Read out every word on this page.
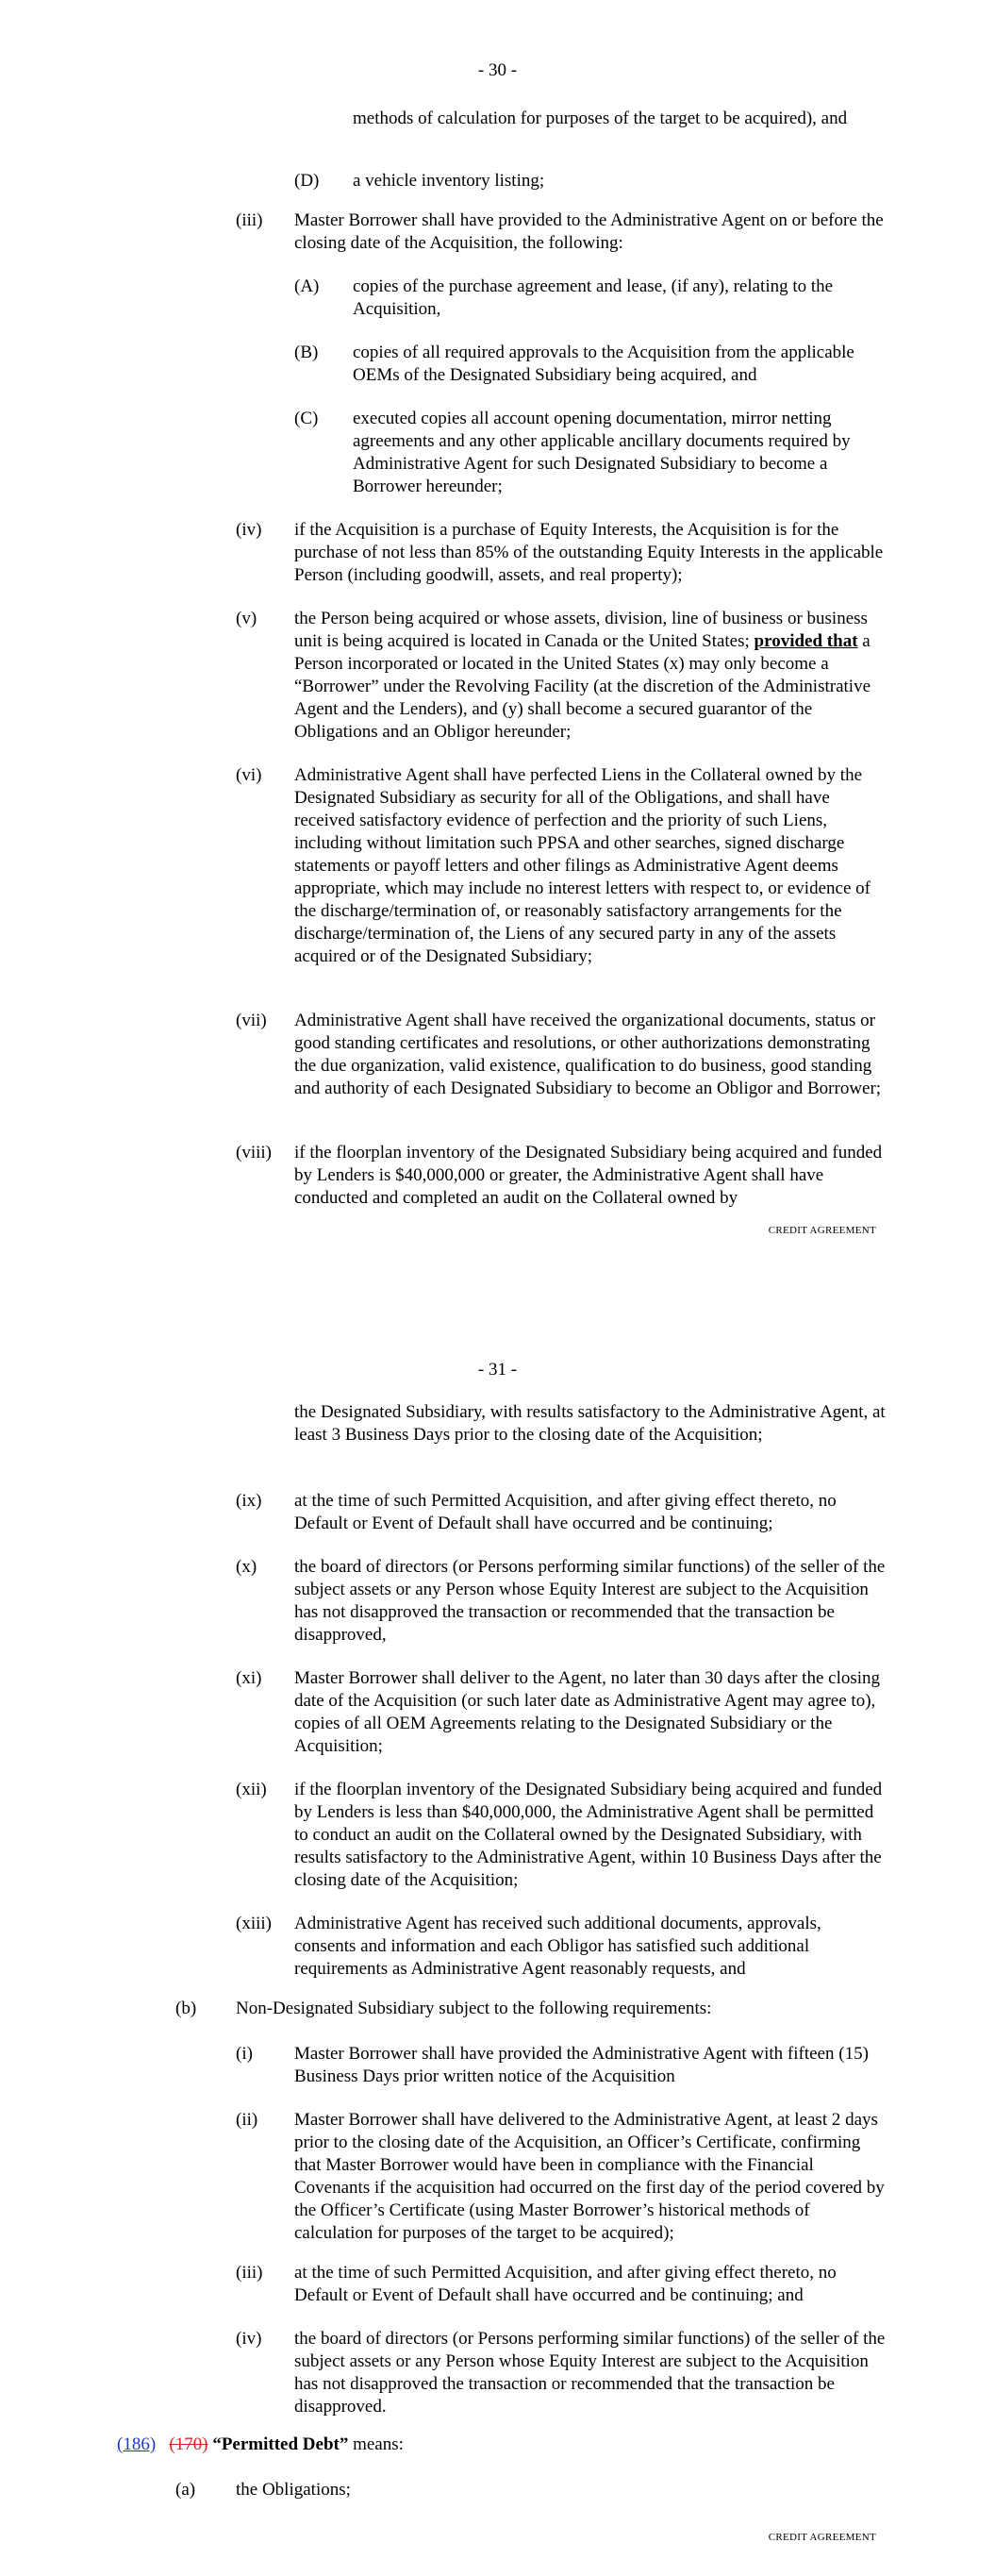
- 30 -
methods of calculation for purposes of the target to be acquired), and
(D) a vehicle inventory listing;
(iii) Master Borrower shall have provided to the Administrative Agent on or before the closing date of the Acquisition, the following:
(A) copies of the purchase agreement and lease, (if any), relating to the Acquisition,
(B) copies of all required approvals to the Acquisition from the applicable OEMs of the Designated Subsidiary being acquired, and
(C) executed copies all account opening documentation, mirror netting agreements and any other applicable ancillary documents required by Administrative Agent for such Designated Subsidiary to become a Borrower hereunder;
(iv) if the Acquisition is a purchase of Equity Interests, the Acquisition is for the purchase of not less than 85% of the outstanding Equity Interests in the applicable Person (including goodwill, assets, and real property);
(v) the Person being acquired or whose assets, division, line of business or business unit is being acquired is located in Canada or the United States; provided that a Person incorporated or located in the United States (x) may only become a “Borrower” under the Revolving Facility (at the discretion of the Administrative Agent and the Lenders), and (y) shall become a secured guarantor of the Obligations and an Obligor hereunder;
(vi) Administrative Agent shall have perfected Liens in the Collateral owned by the Designated Subsidiary as security for all of the Obligations, and shall have received satisfactory evidence of perfection and the priority of such Liens, including without limitation such PPSA and other searches, signed discharge statements or payoff letters and other filings as Administrative Agent deems appropriate, which may include no interest letters with respect to, or evidence of the discharge/termination of, or reasonably satisfactory arrangements for the discharge/termination of, the Liens of any secured party in any of the assets acquired or of the Designated Subsidiary;
(vii) Administrative Agent shall have received the organizational documents, status or good standing certificates and resolutions, or other authorizations demonstrating the due organization, valid existence, qualification to do business, good standing and authority of each Designated Subsidiary to become an Obligor and Borrower;
(viii) if the floorplan inventory of the Designated Subsidiary being acquired and funded by Lenders is $40,000,000 or greater, the Administrative Agent shall have conducted and completed an audit on the Collateral owned by
CREDIT AGREEMENT
- 31 -
the Designated Subsidiary, with results satisfactory to the Administrative Agent, at least 3 Business Days prior to the closing date of the Acquisition;
(ix) at the time of such Permitted Acquisition, and after giving effect thereto, no Default or Event of Default shall have occurred and be continuing;
(x) the board of directors (or Persons performing similar functions) of the seller of the subject assets or any Person whose Equity Interest are subject to the Acquisition has not disapproved the transaction or recommended that the transaction be disapproved,
(xi) Master Borrower shall deliver to the Agent, no later than 30 days after the closing date of the Acquisition (or such later date as Administrative Agent may agree to), copies of all OEM Agreements relating to the Designated Subsidiary or the Acquisition;
(xii) if the floorplan inventory of the Designated Subsidiary being acquired and funded by Lenders is less than $40,000,000, the Administrative Agent shall be permitted to conduct an audit on the Collateral owned by the Designated Subsidiary, with results satisfactory to the Administrative Agent, within 10 Business Days after the closing date of the Acquisition;
(xiii) Administrative Agent has received such additional documents, approvals, consents and information and each Obligor has satisfied such additional requirements as Administrative Agent reasonably requests, and
(b) Non-Designated Subsidiary subject to the following requirements:
(i) Master Borrower shall have provided the Administrative Agent with fifteen (15) Business Days prior written notice of the Acquisition
(ii) Master Borrower shall have delivered to the Administrative Agent, at least 2 days prior to the closing date of the Acquisition, an Officer’s Certificate, confirming that Master Borrower would have been in compliance with the Financial Covenants if the acquisition had occurred on the first day of the period covered by the Officer’s Certificate (using Master Borrower’s historical methods of calculation for purposes of the target to be acquired);
(iii) at the time of such Permitted Acquisition, and after giving effect thereto, no Default or Event of Default shall have occurred and be continuing; and
(iv) the board of directors (or Persons performing similar functions) of the seller of the subject assets or any Person whose Equity Interest are subject to the Acquisition has not disapproved the transaction or recommended that the transaction be disapproved.
(186) (170) “Permitted Debt” means:
(a) the Obligations;
CREDIT AGREEMENT
